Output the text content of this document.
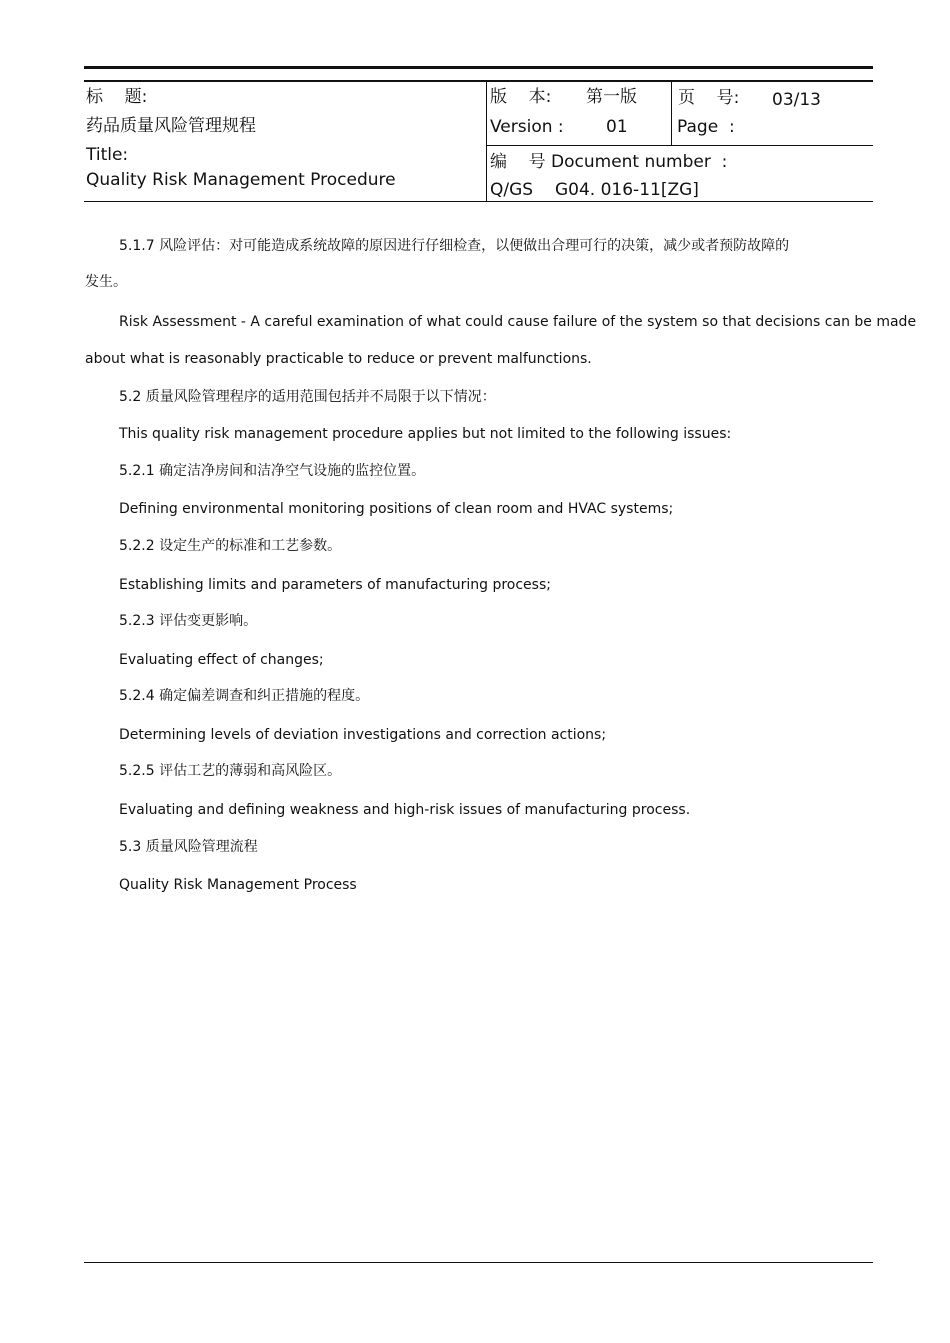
标    题:
药品质量风险管理规程
Title:
Quality Risk Management Procedure
版    本: 第一版
Version : 01
页    号: 03/13
Page  :
编    号 Document number  :
Q/GS G04. 016-11[ZG]
5.1.7 风险评估：对可能造成系统故障的原因进行仔细检查，以便做出合理可行的决策，减少或者预防故障的
发生。
Risk Assessment - A careful examination of what could cause failure of the system so that decisions can be made
about what is reasonably practicable to reduce or prevent malfunctions.
5.2 质量风险管理程序的适用范围包括并不局限于以下情况：
This quality risk management procedure applies but not limited to the following issues:
5.2.1 确定洁净房间和洁净空气设施的监控位置。
Defining environmental monitoring positions of clean room and HVAC systems;
5.2.2 设定生产的标准和工艺参数。
Establishing limits and parameters of manufacturing process;
5.2.3 评估变更影响。
Evaluating effect of changes;
5.2.4 确定偏差调查和纠正措施的程度。
Determining levels of deviation investigations and correction actions;
5.2.5 评估工艺的薄弱和高风险区。
Evaluating and defining weakness and high-risk issues of manufacturing process.
5.3 质量风险管理流程
Quality Risk Management Process
